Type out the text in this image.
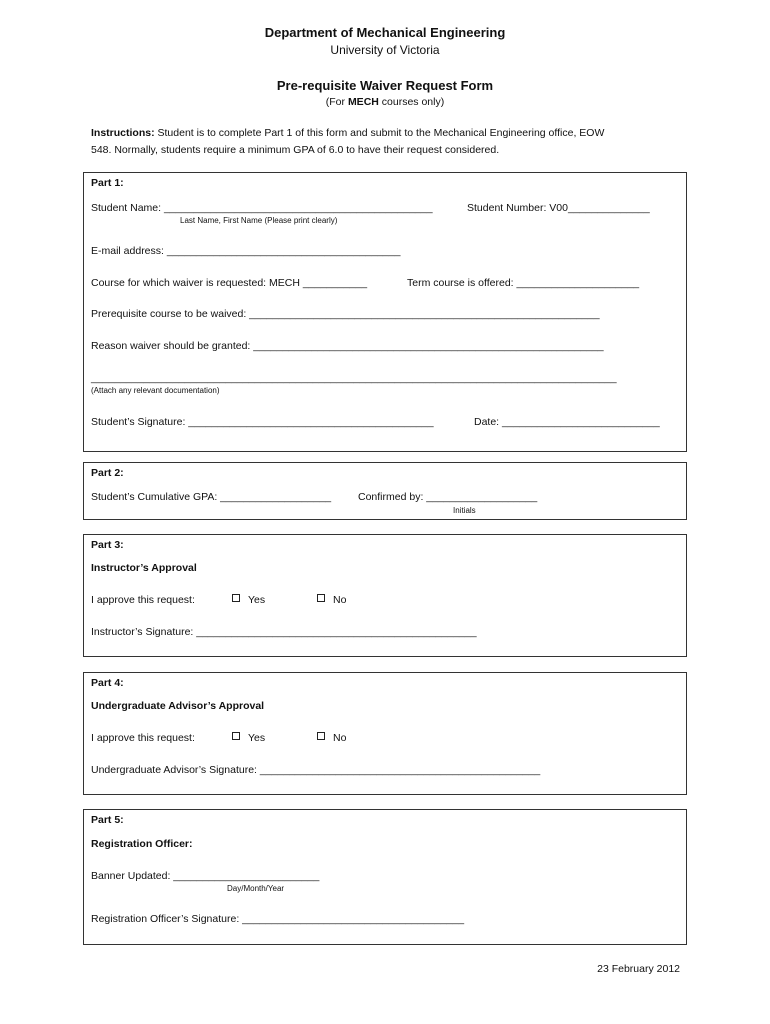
Department of Mechanical Engineering
University of Victoria
Pre-requisite Waiver Request Form
(For MECH courses only)
Instructions: Student is to complete Part 1 of this form and submit to the Mechanical Engineering office, EOW
548. Normally, students require a minimum GPA of 6.0 to have their request considered.
Part 1:
Student Name: ______________________________________________	Student Number: V00______________
Last Name, First Name (Please print clearly)
E-mail address: ________________________________________
Course for which waiver is requested: MECH ___________	Term course is offered: _____________________
Prerequisite course to be waived: ____________________________________________________________
Reason waiver should be granted: ____________________________________________________________
__________________________________________________________________________________________
(Attach any relevant documentation)
Student’s Signature: __________________________________________	Date: ___________________________
Part 2:
Student’s Cumulative GPA: ___________________	Confirmed by: ___________________
Initials
Part 3:
Instructor’s Approval
I approve this request:	Yes	No
Instructor’s Signature: ________________________________________________
Part 4:
Undergraduate Advisor’s Approval
I approve this request:	Yes	No
Undergraduate Advisor’s Signature: ________________________________________________
Part 5:
Registration Officer:
Banner Updated: _________________________
Day/Month/Year
Registration Officer’s Signature: ______________________________________
23 February 2012
